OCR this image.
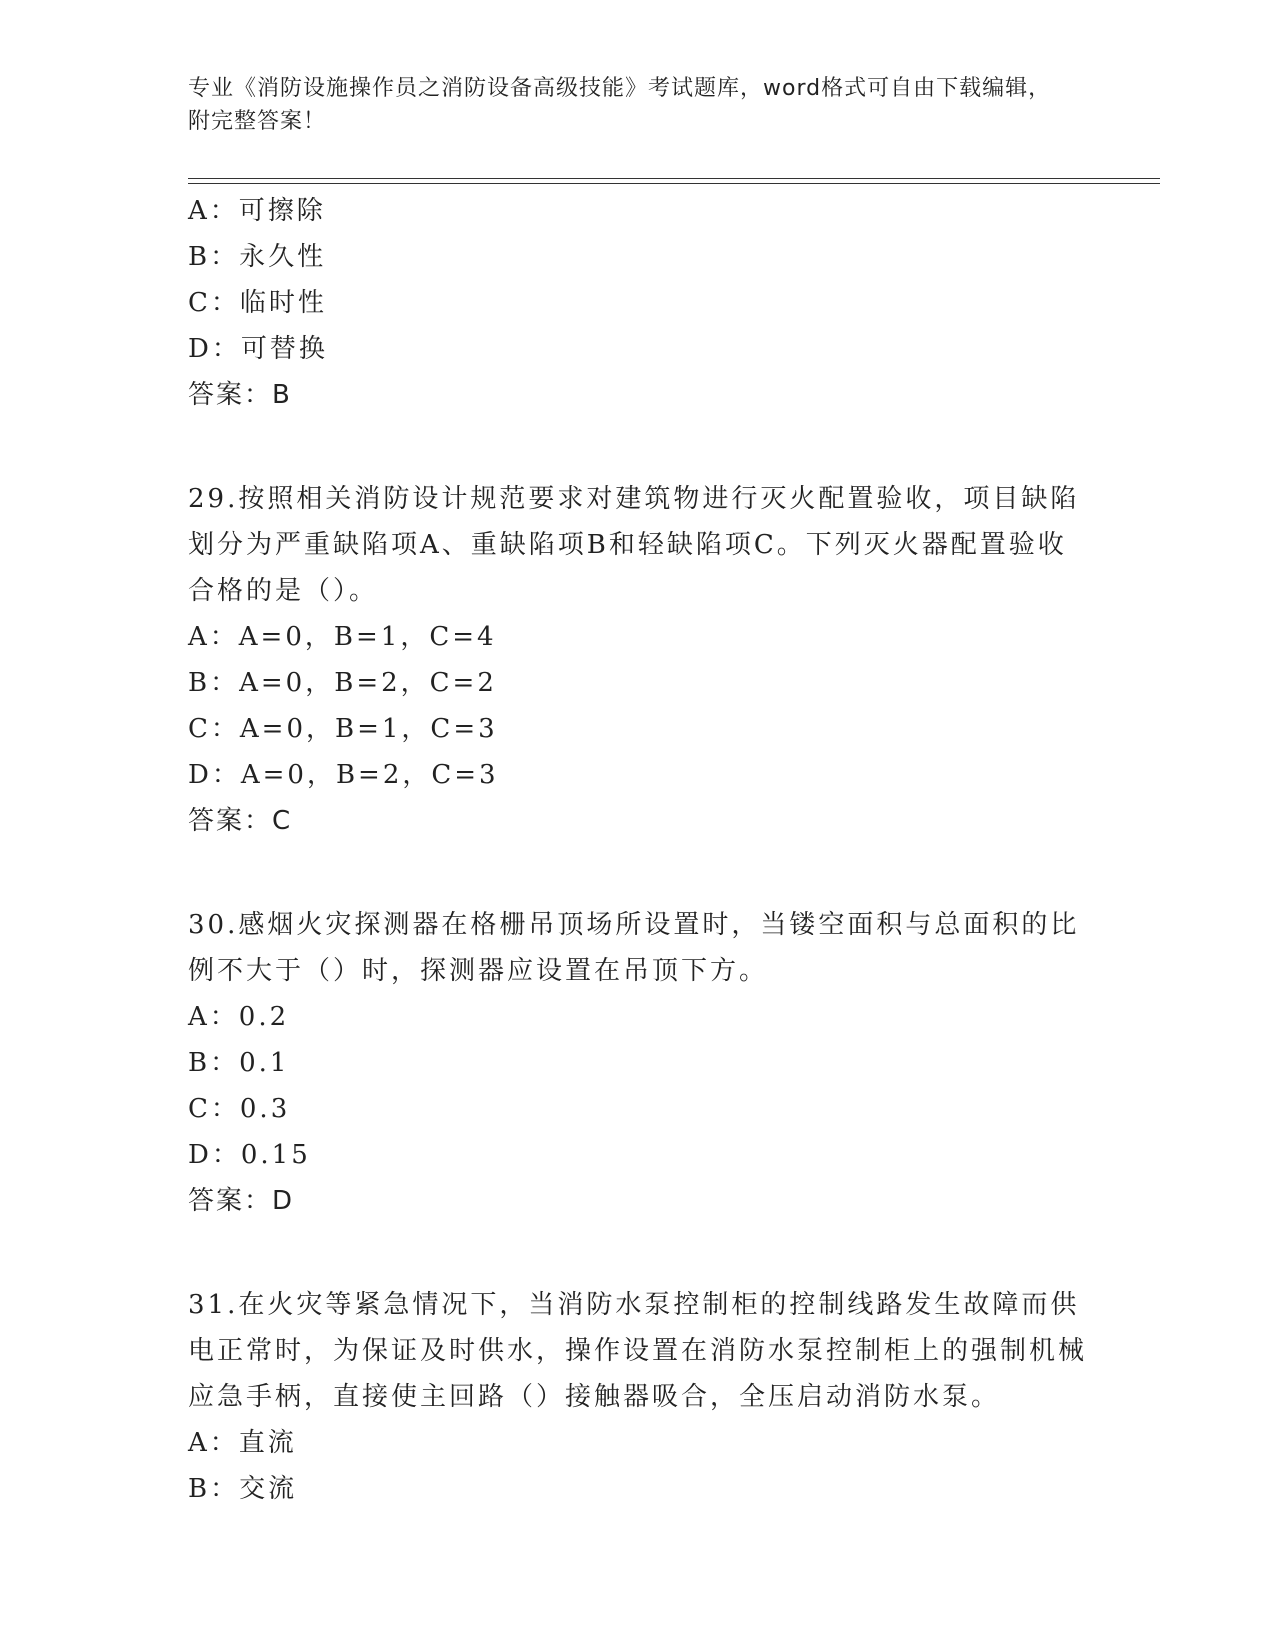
专业《消防设施操作员之消防设备高级技能》考试题库，word格式可自由下载编辑，附完整答案！
A：可擦除
B：永久性
C：临时性
D：可替换
答案：B
29.按照相关消防设计规范要求对建筑物进行灭火配置验收，项目缺陷划分为严重缺陷项A、重缺陷项B和轻缺陷项C。下列灭火器配置验收合格的是（）。
A：A=0，B=1，C=4
B：A=0，B=2，C=2
C：A=0，B=1，C=3
D：A=0，B=2，C=3
答案：C
30.感烟火灾探测器在格栅吊顶场所设置时，当镂空面积与总面积的比例不大于（）时，探测器应设置在吊顶下方。
A：0.2
B：0.1
C：0.3
D：0.15
答案：D
31.在火灾等紧急情况下，当消防水泵控制柜的控制线路发生故障而供电正常时，为保证及时供水，操作设置在消防水泵控制柜上的强制机械应急手柄，直接使主回路（）接触器吸合，全压启动消防水泵。
A：直流
B：交流
